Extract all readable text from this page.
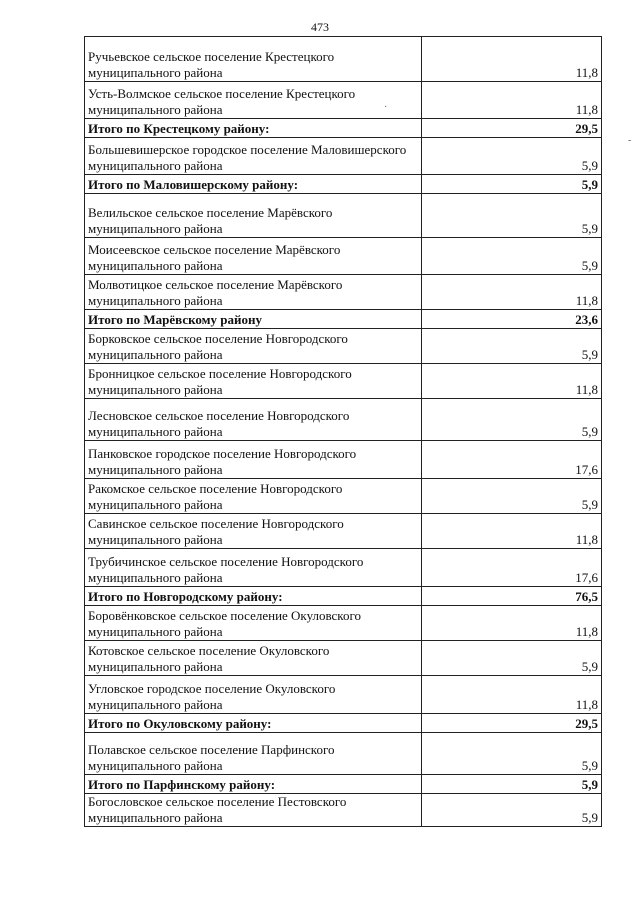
473
Ручьевское сельское поселение Крестецкого муниципального района	11,8
Усть-Волмское сельское поселение Крестецкого муниципального района	11,8
Итого по Крестецкому району:	29,5
Большевишерское городское поселение Маловишерского муниципального района	5,9
Итого по Маловишерскому району:	5,9
Велильское сельское поселение Марёвского муниципального района	5,9
Моисеевское сельское поселение Марёвского муниципального района	5,9
Молвотицкое сельское поселение Марёвского муниципального района	11,8
Итого по Марёвскому району	23,6
Борковское сельское поселение Новгородского муниципального района	5,9
Бронницкое сельское поселение Новгородского муниципального района	11,8
Лесновское сельское поселение Новгородского муниципального района	5,9
Панковское городское поселение Новгородского муниципального района	17,6
Ракомское сельское поселение Новгородского муниципального района	5,9
Савинское сельское поселение Новгородского муниципального района	11,8
Трубичинское сельское поселение Новгородского муниципального района	17,6
Итого по Новгородскому району:	76,5
Боровёнковское сельское поселение Окуловского муниципального района	11,8
Котовское сельское поселение Окуловского муниципального района	5,9
Угловское городское поселение Окуловского муниципального района	11,8
Итого по Окуловскому району:	29,5
Полавское сельское поселение Парфинского муниципального района	5,9
Итого по Парфинскому району:	5,9
Богословское сельское поселение Пестовского муниципального района	5,9
·
-
